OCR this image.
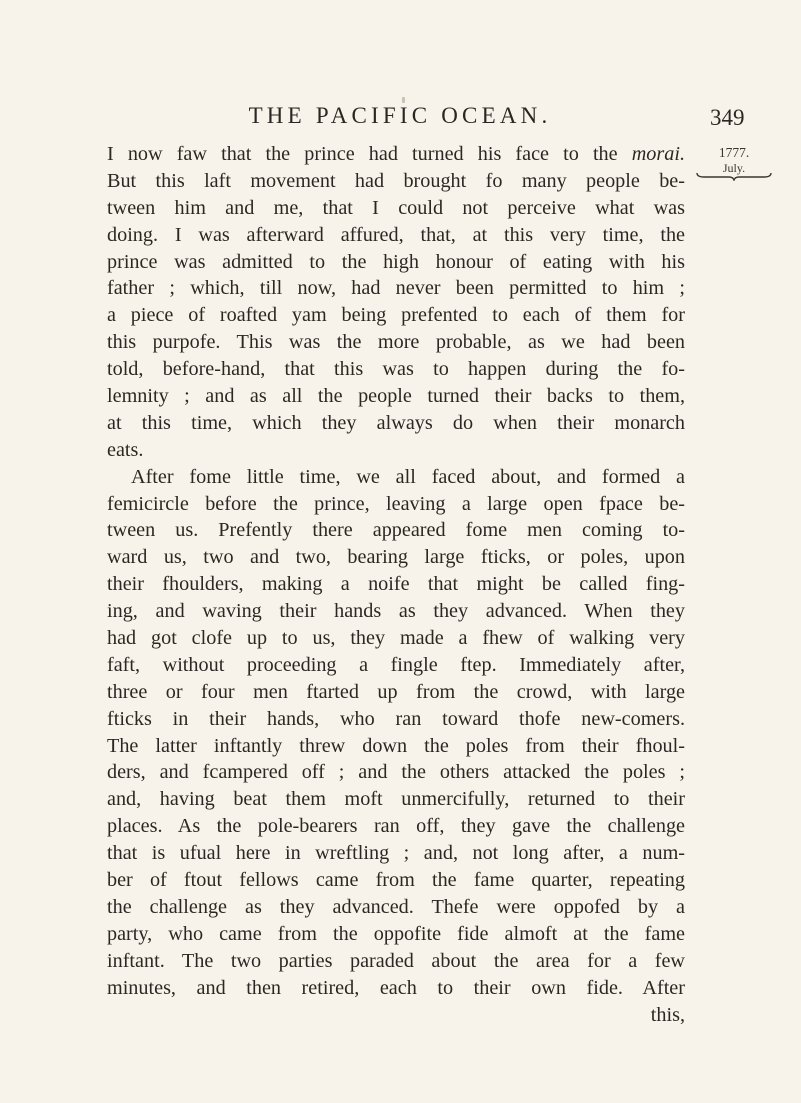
THE PACIFIC OCEAN.	349
1777.
July.
I now faw that the prince had turned his face to the morai.
But this laft movement had brought fo many people be-
tween him and me, that I could not perceive what was
doing. I was afterward affured, that, at this very time, the
prince was admitted to the high honour of eating with his
father ; which, till now, had never been permitted to him ;
a piece of roafted yam being prefented to each of them for
this purpofe. This was the more probable, as we had been
told, before-hand, that this was to happen during the fo-
lemnity ; and as all the people turned their backs to them,
at this time, which they always do when their monarch
eats.
After fome little time, we all faced about, and formed a
femicircle before the prince, leaving a large open fpace be-
tween us. Prefently there appeared fome men coming to-
ward us, two and two, bearing large fticks, or poles, upon
their fhoulders, making a noife that might be called fing-
ing, and waving their hands as they advanced. When they
had got clofe up to us, they made a fhew of walking very
faft, without proceeding a fingle ftep. Immediately after,
three or four men ftarted up from the crowd, with large
fticks in their hands, who ran toward thofe new-comers.
The latter inftantly threw down the poles from their fhoul-
ders, and fcampered off ; and the others attacked the poles ;
and, having beat them moft unmercifully, returned to their
places. As the pole-bearers ran off, they gave the challenge
that is ufual here in wreftling ; and, not long after, a num-
ber of ftout fellows came from the fame quarter, repeating
the challenge as they advanced. Thefe were oppofed by a
party, who came from the oppofite fide almoft at the fame
inftant. The two parties paraded about the area for a few
minutes, and then retired, each to their own fide. After
this,
